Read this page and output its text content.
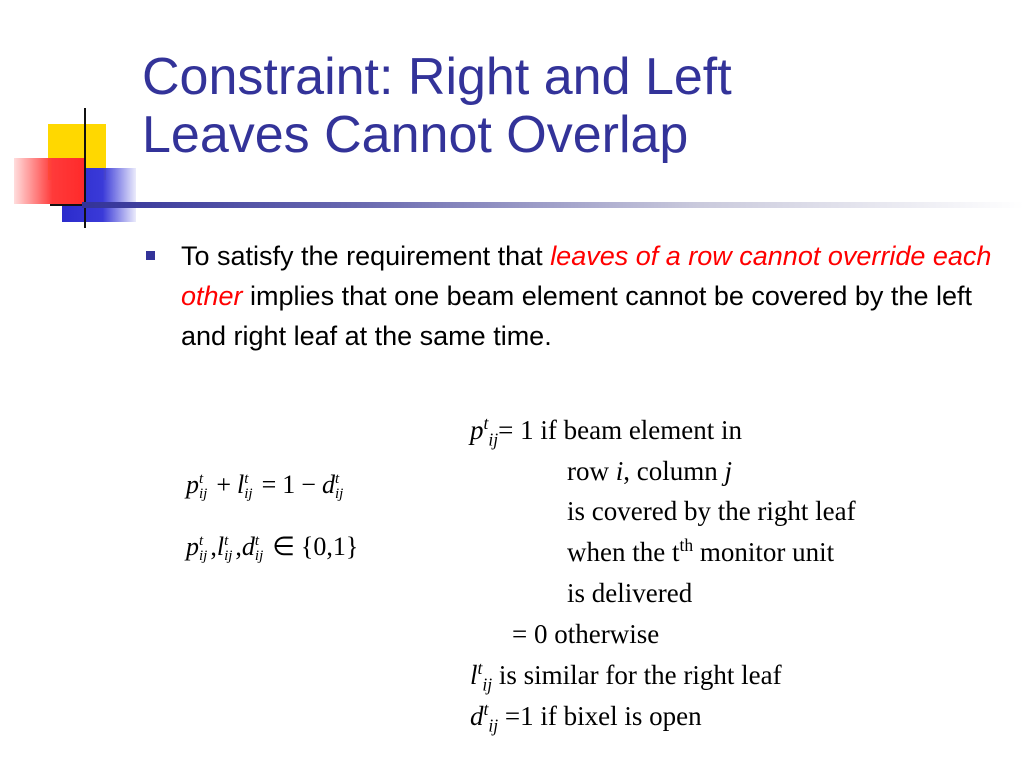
Constraint: Right and Left
Leaves Cannot Overlap

To satisfy the requirement that leaves of a row cannot override each other implies that one beam element cannot be covered by the left and right leaf at the same time.

p t
ij + l t
ij = 1 − d t
ij
p t
ij ,l t
ij ,d t
ij ∈ {0,1}

$p^t_{ij}= 1$ if beam element in

row i, column j

is covered by the right leaf

when the $t^{th}$ monitor unit

is delivered

= 0 otherwise

$l^t_{ij}$ is similar for the right leaf

$d^t_{ij} =1$ if bixel is open
